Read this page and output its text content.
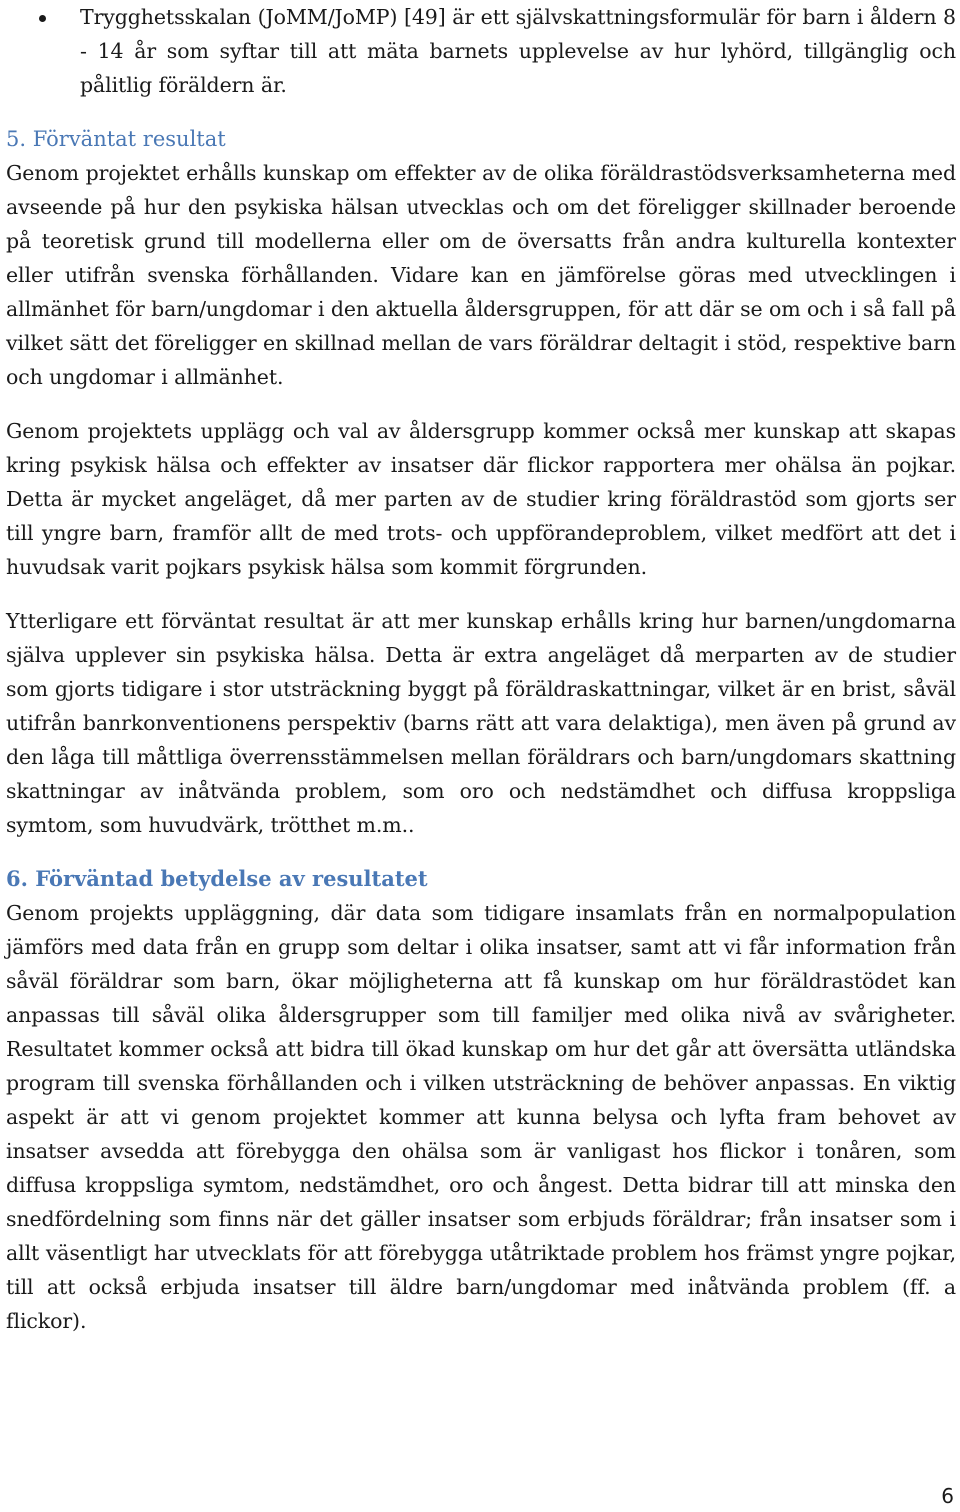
Trygghetsskalan (JoMM/JoMP) [49] är ett självskattningsformulär för barn i åldern 8 - 14 år som syftar till att mäta barnets upplevelse av hur lyhörd, tillgänglig och pålitlig föräldern är.

5. Förväntat resultat

Genom projektet erhålls kunskap om effekter av de olika föräldrastödsverksamheterna med avseende på hur den psykiska hälsan utvecklas och om det föreligger skillnader beroende på teoretisk grund till modellerna eller om de översatts från andra kulturella kontexter eller utifrån svenska förhållanden. Vidare kan en jämförelse göras med utvecklingen i allmänhet för barn/ungdomar i den aktuella åldersgruppen, för att där se om och i så fall på vilket sätt det föreligger en skillnad mellan de vars föräldrar deltagit i stöd, respektive barn och ungdomar i allmänhet.

Genom projektets upplägg och val av åldersgrupp kommer också mer kunskap att skapas kring psykisk hälsa och effekter av insatser där flickor rapportera mer ohälsa än pojkar. Detta är mycket angeläget, då mer parten av de studier kring föräldrastöd som gjorts ser till yngre barn, framför allt de med trots- och uppförandeproblem, vilket medfört att det i huvudsak varit pojkars psykisk hälsa som kommit förgrunden.

Ytterligare ett förväntat resultat är att mer kunskap erhålls kring hur barnen/ungdomarna själva upplever sin psykiska hälsa. Detta är extra angeläget då merparten av de studier som gjorts tidigare i stor utsträckning byggt på föräldraskattningar, vilket är en brist, såväl utifrån banrkonventionens perspektiv (barns rätt att vara delaktiga), men även på grund av den låga till måttliga överrensstämmelsen mellan föräldrars och barn/ungdomars skattning skattningar av inåtvända problem, som oro och nedstämdhet och diffusa kroppsliga symtom, som huvudvärk, trötthet m.m..

6. Förväntad betydelse av resultatet

Genom projekts uppläggning, där data som tidigare insamlats från en normalpopulation jämförs med data från en grupp som deltar i olika insatser, samt att vi får information från såväl föräldrar som barn, ökar möjligheterna att få kunskap om hur föräldrastödet kan anpassas till såväl olika åldersgrupper som till familjer med olika nivå av svårigheter. Resultatet kommer också att bidra till ökad kunskap om hur det går att översätta utländska program till svenska förhållanden och i vilken utsträckning de behöver anpassas. En viktig aspekt är att vi genom projektet kommer att kunna belysa och lyfta fram behovet av insatser avsedda att förebygga den ohälsa som är vanligast hos flickor i tonåren, som diffusa kroppsliga symtom, nedstämdhet, oro och ångest. Detta bidrar till att minska den snedfördelning som finns när det gäller insatser som erbjuds föräldrar; från insatser som i allt väsentligt har utvecklats för att förebygga utåtriktade problem hos främst yngre pojkar, till att också erbjuda insatser till äldre barn/ungdomar med inåtvända problem (ff. a flickor).

6
